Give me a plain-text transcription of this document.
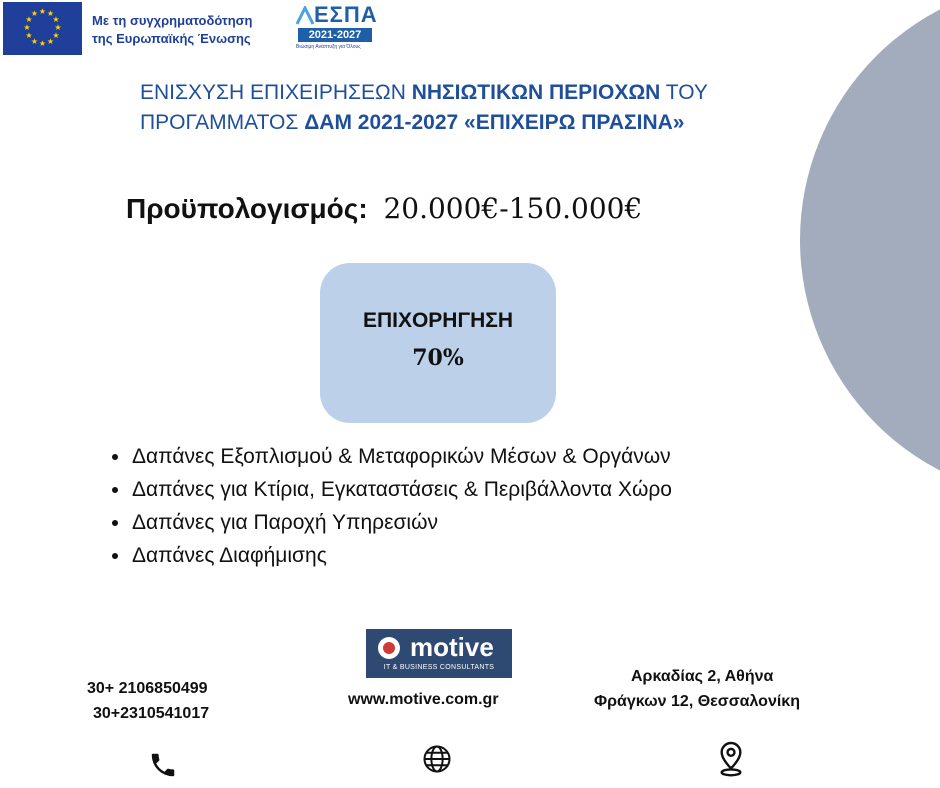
★ ★
★
★
★
★
★
★
★
★
★
★	Με τη συγχρηματοδότηση
της Ευρωπαϊκής Ένωσης
ΕΣΠΑ
2021-2027
Βιώσιμη Ανάπτυξη για Όλους
ΕΝΙΣΧΥΣΗ ΕΠΙΧΕΙΡΗΣΕΩΝ ΝΗΣΙΩΤΙΚΩΝ ΠΕΡΙΟΧΩΝ ΤΟΥ
ΠΡΟΓΑΜΜΑΤΟΣ ΔΑΜ 2021-2027 «ΕΠΙΧΕΙΡΩ ΠΡΑΣΙΝΑ»
Προϋπολογισμός: 20.000€-150.000€
ΕΠΙΧΟΡΗΓΗΣΗ
70%
Δαπάνες Εξοπλισμού & Μεταφορικών Μέσων & Οργάνων
Δαπάνες για Κτίρια, Εγκαταστάσεις & Περιβάλλοντα Χώρο
Δαπάνες για Παροχή Υπηρεσιών
Δαπάνες Διαφήμισης
motive
IT & BUSINESS CONSULTANTS
30+ 2106850499
30+2310541017
www.motive.com.gr
Αρκαδίας 2, Αθήνα
Φράγκων 12, Θεσσαλονίκη
